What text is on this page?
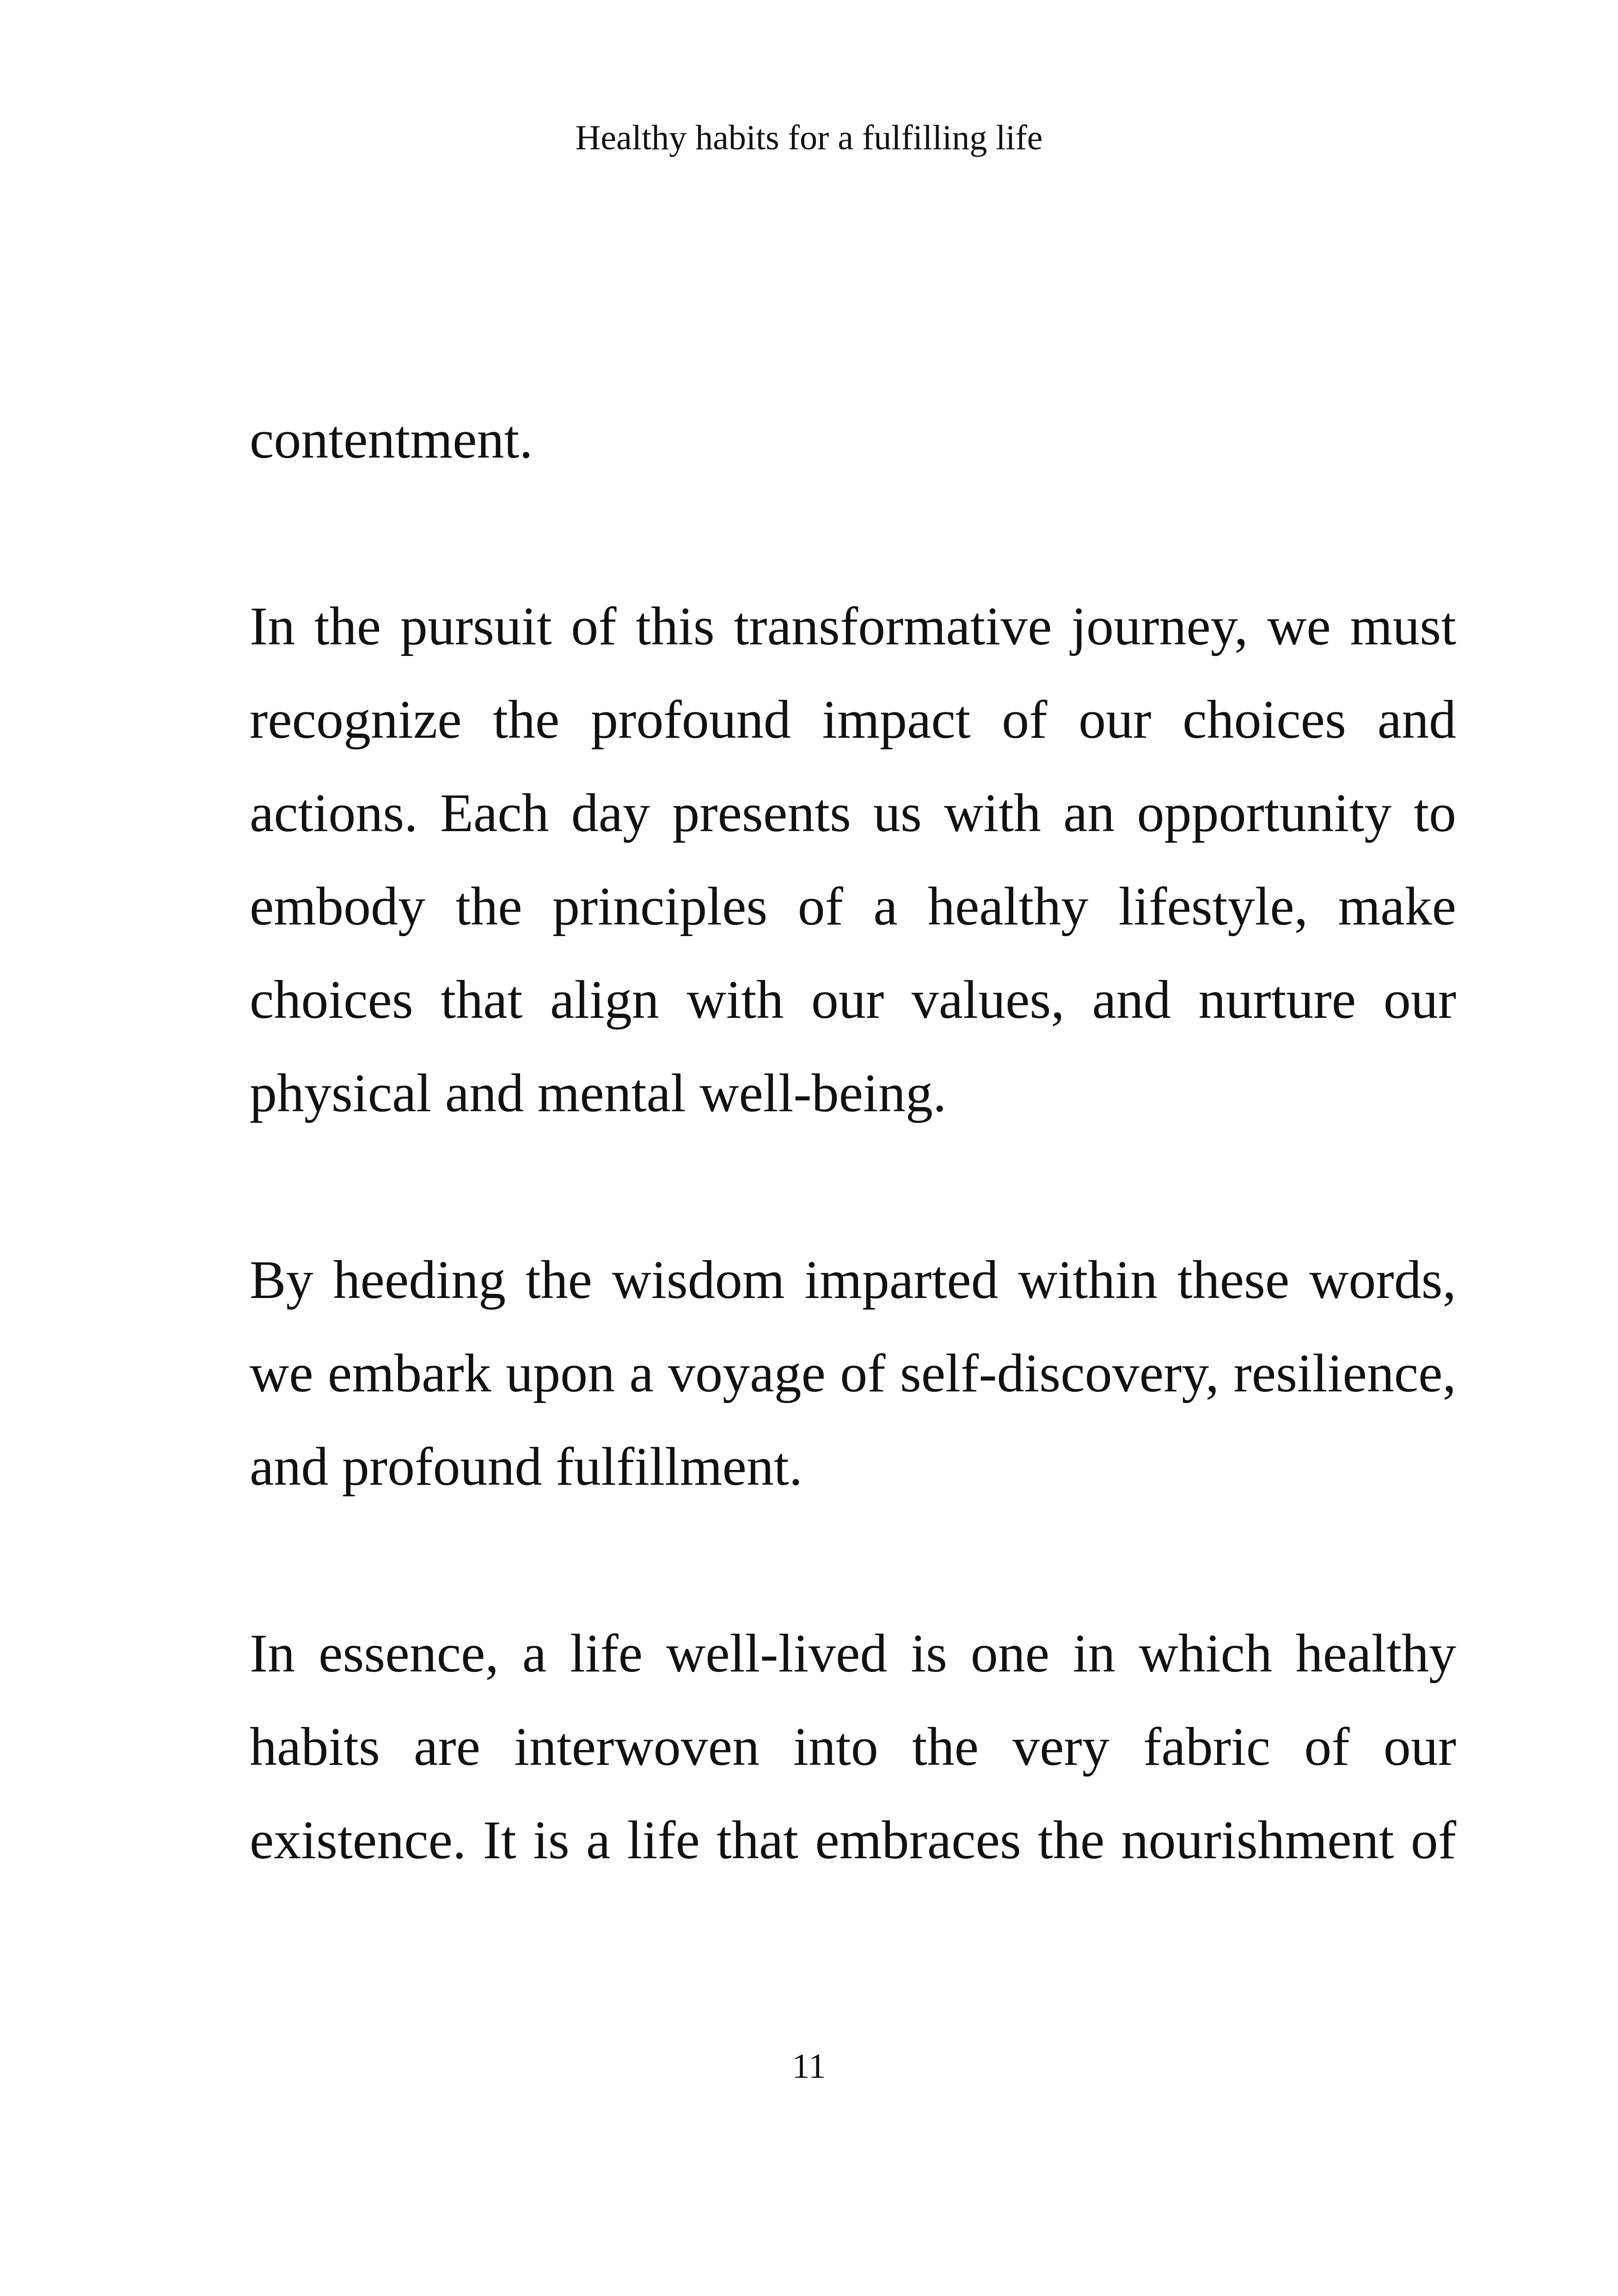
Healthy habits for a fulfilling life

contentment.

In the pursuit of this transformative journey, we must recognize the profound impact of our choices and actions. Each day presents us with an opportunity to embody the principles of a healthy lifestyle, make choices that align with our values, and nurture our physical and mental well-being.

By heeding the wisdom imparted within these words, we embark upon a voyage of self-discovery, resilience, and profound fulfillment.

In essence, a life well-lived is one in which healthy habits are interwoven into the very fabric of our existence. It is a life that embraces the nourishment of

11
